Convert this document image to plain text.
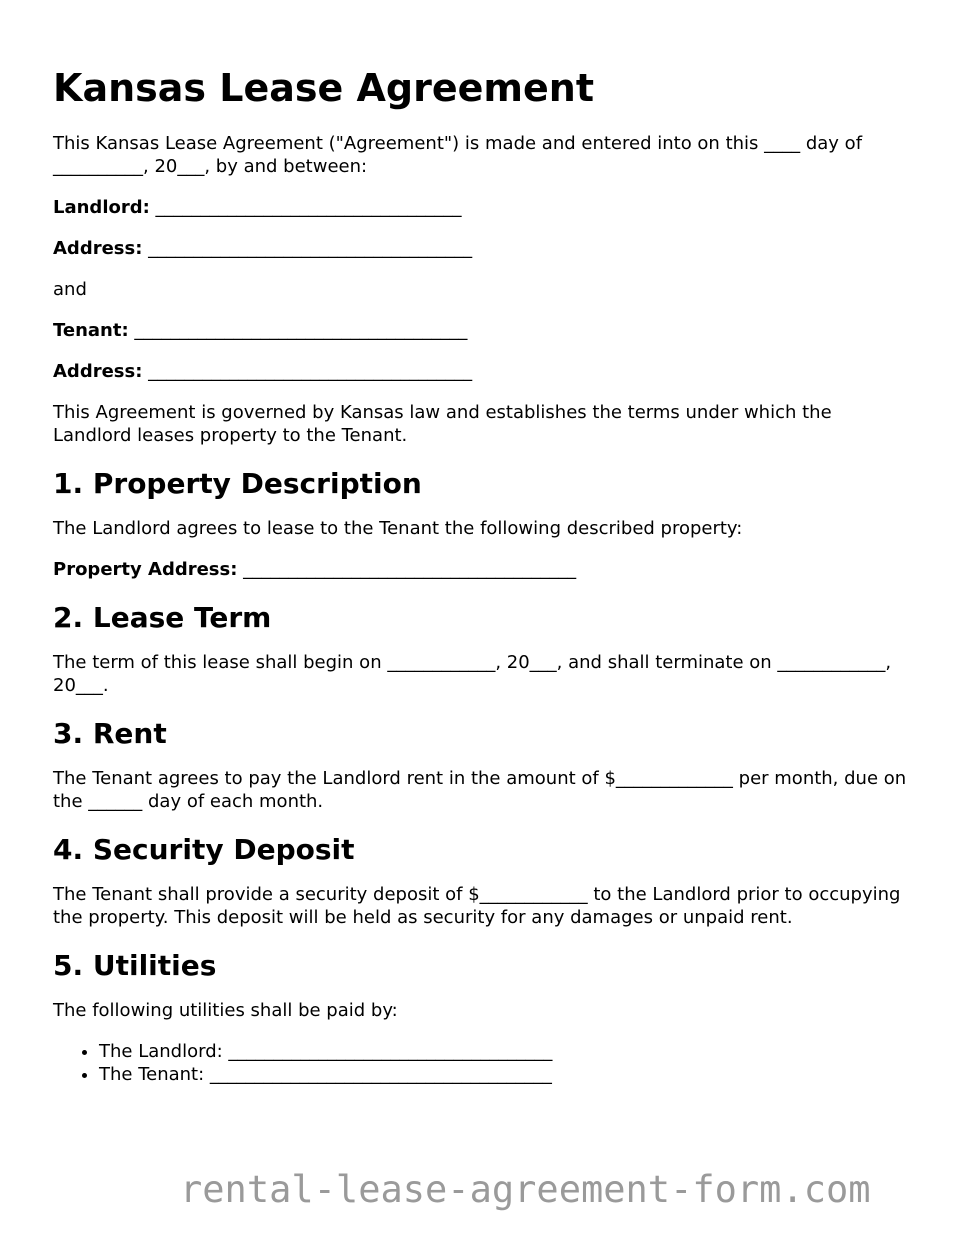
Kansas Lease Agreement

This Kansas Lease Agreement ("Agreement") is made and entered into on this ____ day of __________, 20___, by and between:

Landlord: __________________________________

Address: ____________________________________

and

Tenant: _____________________________________

Address: ____________________________________

This Agreement is governed by Kansas law and establishes the terms under which the Landlord leases property to the Tenant.

1. Property Description

The Landlord agrees to lease to the Tenant the following described property:

Property Address: _____________________________________

2. Lease Term

The term of this lease shall begin on ____________, 20___, and shall terminate on ____________, 20___.

3. Rent

The Tenant agrees to pay the Landlord rent in the amount of $_____________ per month, due on the ______ day of each month.

4. Security Deposit

The Tenant shall provide a security deposit of $____________ to the Landlord prior to occupying the property. This deposit will be held as security for any damages or unpaid rent.

5. Utilities

The following utilities shall be paid by:

• The Landlord: ____________________________________
• The Tenant: ______________________________________
rental-lease-agreement-form.com
